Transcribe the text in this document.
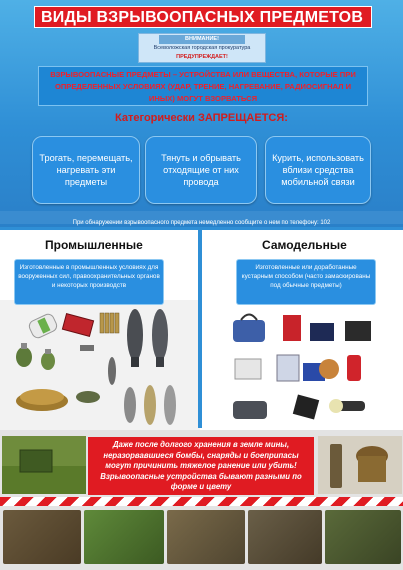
ВИДЫ ВЗРЫВООПАСНЫХ ПРЕДМЕТОВ
ВНИМАНИЕ!
Всеволожская городская прокуратура
ПРЕДУПРЕЖДАЕТ!
ВЗРЫВООПАСНЫЕ ПРЕДМЕТЫ – УСТРОЙСТВА ИЛИ ВЕЩЕСТВА, КОТОРЫЕ ПРИ ОПРЕДЕЛЕННЫХ УСЛОВИЯХ (УДАР, ТРЕНИЕ, НАГРЕВАНИЕ, РАДИОСИГНАЛ И ИНЫХ) МОГУТ ВЗОРВАТЬСЯ
Категорически ЗАПРЕЩАЕТСЯ:
Трогать, перемещать, нагревать эти предметы
Тянуть и обрывать отходящие от них провода
Курить, использовать вблизи средства мобильной связи
При обнаружении взрывоопасного предмета немедленно сообщите о нем по телефону: 102
Промышленные	Самодельные
Изготовленные в промышленных условиях для вооруженных сил, правоохранительных органов и некоторых производств
Изготовленные или доработанные кустарным способом (часто замаскированы под обычные предметы)
Даже после долгого хранения в земле мины, неразорвавшиеся бомбы, снаряды и боеприпасы могут причинить тяжелое ранение или убить! Взрывоопасные устройства бывают разными по форме и цвету
